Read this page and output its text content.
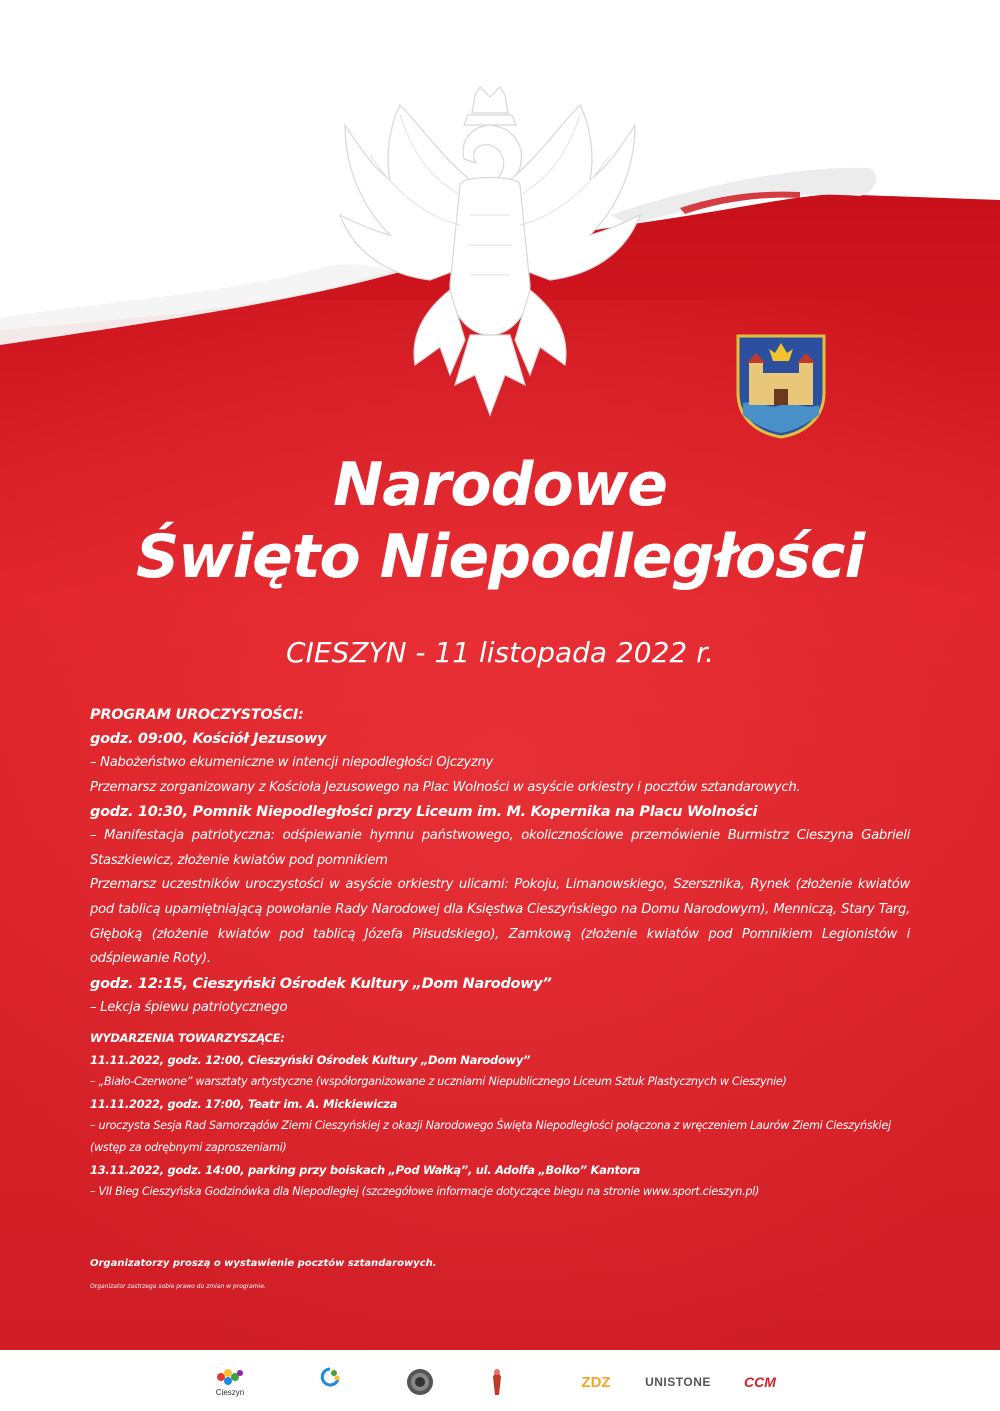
Narodowe
Święto Niepodległości
CIESZYN - 11 listopada 2022 r.

PROGRAM UROCZYSTOŚCI:

godz. 09:00, Kościół Jezusowy

– Nabożeństwo ekumeniczne w intencji niepodległości Ojczyzny

Przemarsz zorganizowany z Kościoła Jezusowego na Plac Wolności w asyście orkiestry i pocztów sztandarowych.

godz. 10:30, Pomnik Niepodległości przy Liceum im. M. Kopernika na Placu Wolności

– Manifestacja patriotyczna: odśpiewanie hymnu państwowego, okolicznościowe przemówienie Burmistrz Cieszyna Gabrieli Staszkiewicz, złożenie kwiatów pod pomnikiem

Przemarsz uczestników uroczystości w asyście orkiestry ulicami: Pokoju, Limanowskiego, Szersznika, Rynek (złożenie kwiatów pod tablicą upamiętniającą powołanie Rady Narodowej dla Księstwa Cieszyńskiego na Domu Narodowym), Menniczą, Stary Targ, Głęboką (złożenie kwiatów pod tablicą Józefa Piłsudskiego), Zamkową (złożenie kwiatów pod Pomnikiem Legionistów i odśpiewanie Roty).

godz. 12:15, Cieszyński Ośrodek Kultury „Dom Narodowy”

– Lekcja śpiewu patriotycznego

WYDARZENIA TOWARZYSZĄCE:

11.11.2022, godz. 12:00, Cieszyński Ośrodek Kultury „Dom Narodowy”

– „Biało-Czerwone” warsztaty artystyczne (współorganizowane z uczniami Niepublicznego Liceum Sztuk Plastycznych w Cieszynie)

11.11.2022, godz. 17:00, Teatr im. A. Mickiewicza

– uroczysta Sesja Rad Samorządów Ziemi Cieszyńskiej z okazji Narodowego Święta Niepodległości połączona z wręczeniem Laurów Ziemi Cieszyńskiej (wstęp za odrębnymi zaproszeniami)

13.11.2022, godz. 14:00, parking przy boiskach „Pod Wałką”, ul. Adolfa „Bolko” Kantora

– VII Bieg Cieszyńska Godzinówka dla Niepodległej (szczegółowe informacje dotyczące biegu na stronie www.sport.cieszyn.pl)

Organizatorzy proszą o wystawienie pocztów sztandarowych.

Organizator zastrzega sobie prawo do zmian w programie.

Cieszyn

ZDZ	UNISTONE CCM
